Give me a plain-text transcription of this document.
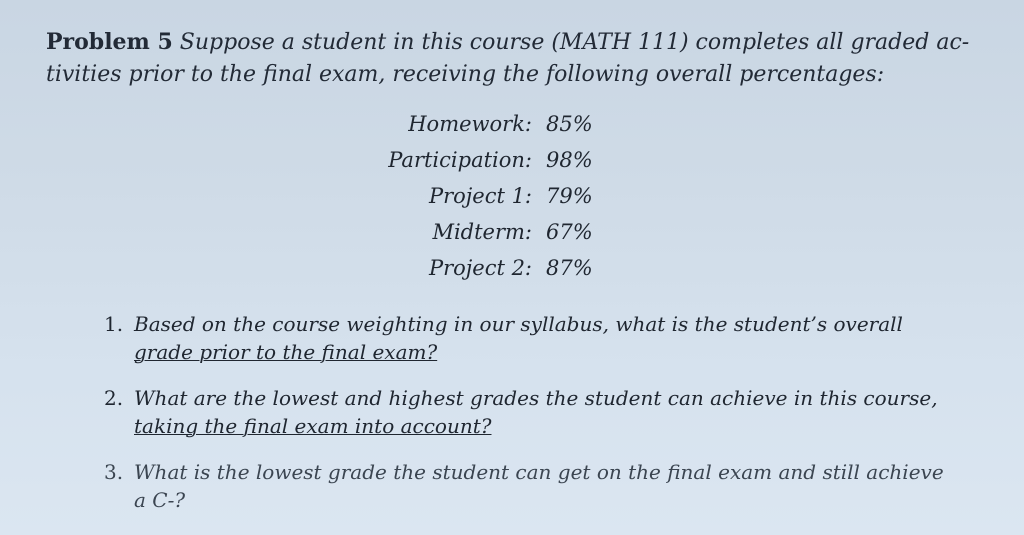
Problem 5 Suppose a student in this course (MATH 111) completes all graded ac-
tivities prior to the final exam, receiving the following overall percentages:
Homework: 85%
Participation: 98%
Project 1: 79%
Midterm: 67%
Project 2: 87%
1. Based on the course weighting in our syllabus, what is the student’s overall
grade prior to the final exam?
2. What are the lowest and highest grades the student can achieve in this course,
taking the final exam into account?
3. What is the lowest grade the student can get on the final exam and still achieve
a C-?
